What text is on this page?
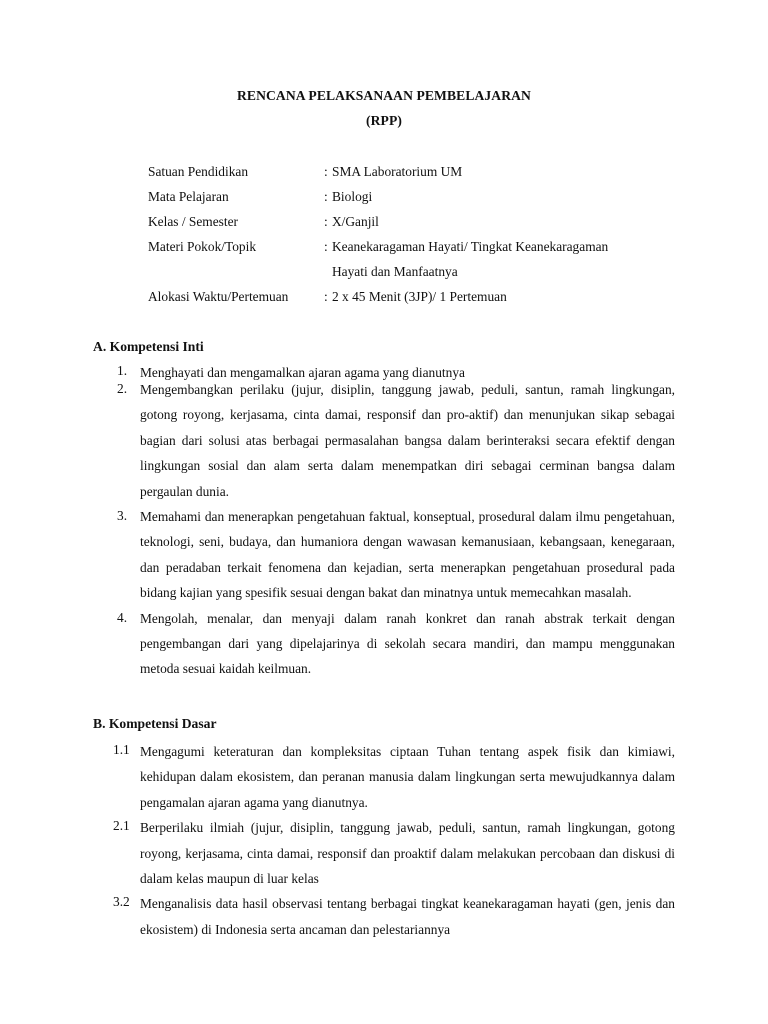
RENCANA PELAKSANAAN PEMBELAJARAN
(RPP)
Satuan Pendidikan	: SMA Laboratorium UM
Mata Pelajaran	: Biologi
Kelas / Semester	: X/Ganjil
Materi Pokok/Topik	: Keanekaragaman Hayati/ Tingkat Keanekaragaman
Hayati dan Manfaatnya
Alokasi Waktu/Pertemuan	: 2 x 45 Menit (3JP)/ 1 Pertemuan
A. Kompetensi Inti
1. Menghayati dan mengamalkan ajaran agama yang dianutnya
2. Mengembangkan perilaku (jujur, disiplin, tanggung jawab, peduli, santun, ramah lingkungan, gotong royong, kerjasama, cinta damai, responsif dan pro-aktif) dan menunjukan sikap sebagai bagian dari solusi atas berbagai permasalahan bangsa dalam berinteraksi secara efektif dengan lingkungan sosial dan alam serta dalam menempatkan diri sebagai cerminan bangsa dalam pergaulan dunia.
3. Memahami dan menerapkan pengetahuan faktual, konseptual, prosedural dalam ilmu pengetahuan, teknologi, seni, budaya, dan humaniora dengan wawasan kemanusiaan, kebangsaan, kenegaraan, dan peradaban terkait fenomena dan kejadian, serta menerapkan pengetahuan prosedural pada bidang kajian yang spesifik sesuai dengan bakat dan minatnya untuk memecahkan masalah.
4. Mengolah, menalar, dan menyaji dalam ranah konkret dan ranah abstrak terkait dengan pengembangan dari yang dipelajarinya di sekolah secara mandiri, dan mampu menggunakan metoda sesuai kaidah keilmuan.
B. Kompetensi Dasar
1.1 Mengagumi keteraturan dan kompleksitas ciptaan Tuhan tentang aspek fisik dan kimiawi, kehidupan dalam ekosistem, dan peranan manusia dalam lingkungan serta mewujudkannya dalam pengamalan ajaran agama yang dianutnya.
2.1 Berperilaku ilmiah (jujur, disiplin, tanggung jawab, peduli, santun, ramah lingkungan, gotong royong, kerjasama, cinta damai, responsif dan proaktif dalam melakukan percobaan dan diskusi di dalam kelas maupun di luar kelas
3.2 Menganalisis data hasil observasi tentang berbagai tingkat keanekaragaman hayati (gen, jenis dan ekosistem) di Indonesia serta ancaman dan pelestariannya
